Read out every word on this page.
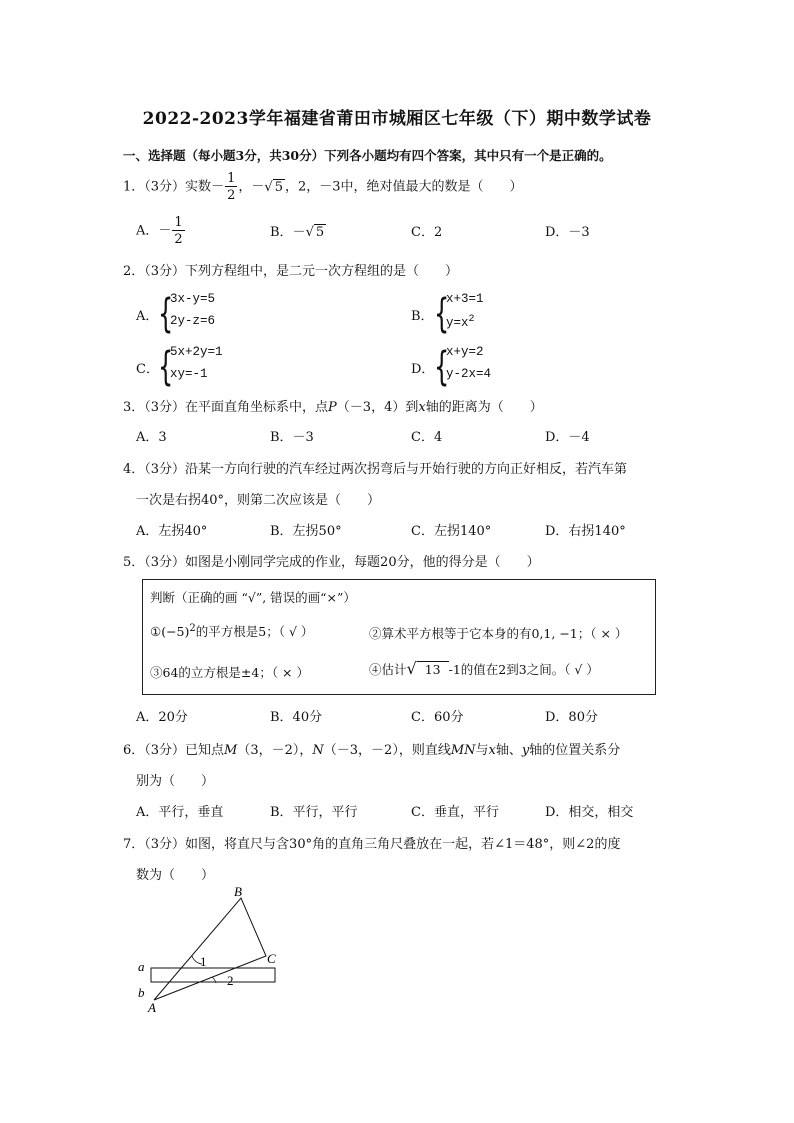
2022-2023学年福建省莆田市城厢区七年级（下）期中数学试卷
一、选择题（每小题3分，共30分）下列各小题均有四个答案，其中只有一个是正确的。
1．（3分）实数－ $\frac{1}{2}$ ，－√ 5 ，2，－3中，绝对值最大的数是（　　）
A．－ $\frac{1}{2}$	B．－√ 5	C．2	D．－3
2．（3分）下列方程组中，是二元一次方程组的是（　　）
A． {
3x-y=5
2y-z=6	B． {
x+3=1
$y=x^2$
C． {
5x+2y=1
xy=-1	D． {
x+y=2
y-2x=4
3．（3分）在平面直角坐标系中，点P（－3，4）到x轴的距离为（　　）
A．3	B．－3	C．4	D．－4
4．（3分）沿某一方向行驶的汽车经过两次拐弯后与开始行驶的方向正好相反，若汽车第
一次是右拐40°，则第二次应该是（　　）
A．左拐40°	B．左拐50°	C．左拐140°	D．右拐140°
5．（3分）如图是小刚同学完成的作业，每题20分，他的得分是（　　）
判断（正确的画 “√”, 错误的画“×”）
$①(-5)^2$的平方根是5；（ √ ）	②算术平方根等于它本身的有0,1, −1；（ × ）
③64的立方根是±4；（ × ）	④估计√ 13 -1的值在2到3之间。（ √ ）
A．20分	B．40分	C．60分	D．80分
6．（3分）已知点M（3，－2），N（－3，－2），则直线MN与x轴、y轴的位置关系分
别为（　　）
A．平行，垂直	B．平行，平行	C．垂直，平行	D．相交，相交
7．（3分）如图，将直尺与含30°角的直角三角尺叠放在一起，若∠1＝48°，则∠2的度
数为（　　）
B
C
A
a
b
1
2
